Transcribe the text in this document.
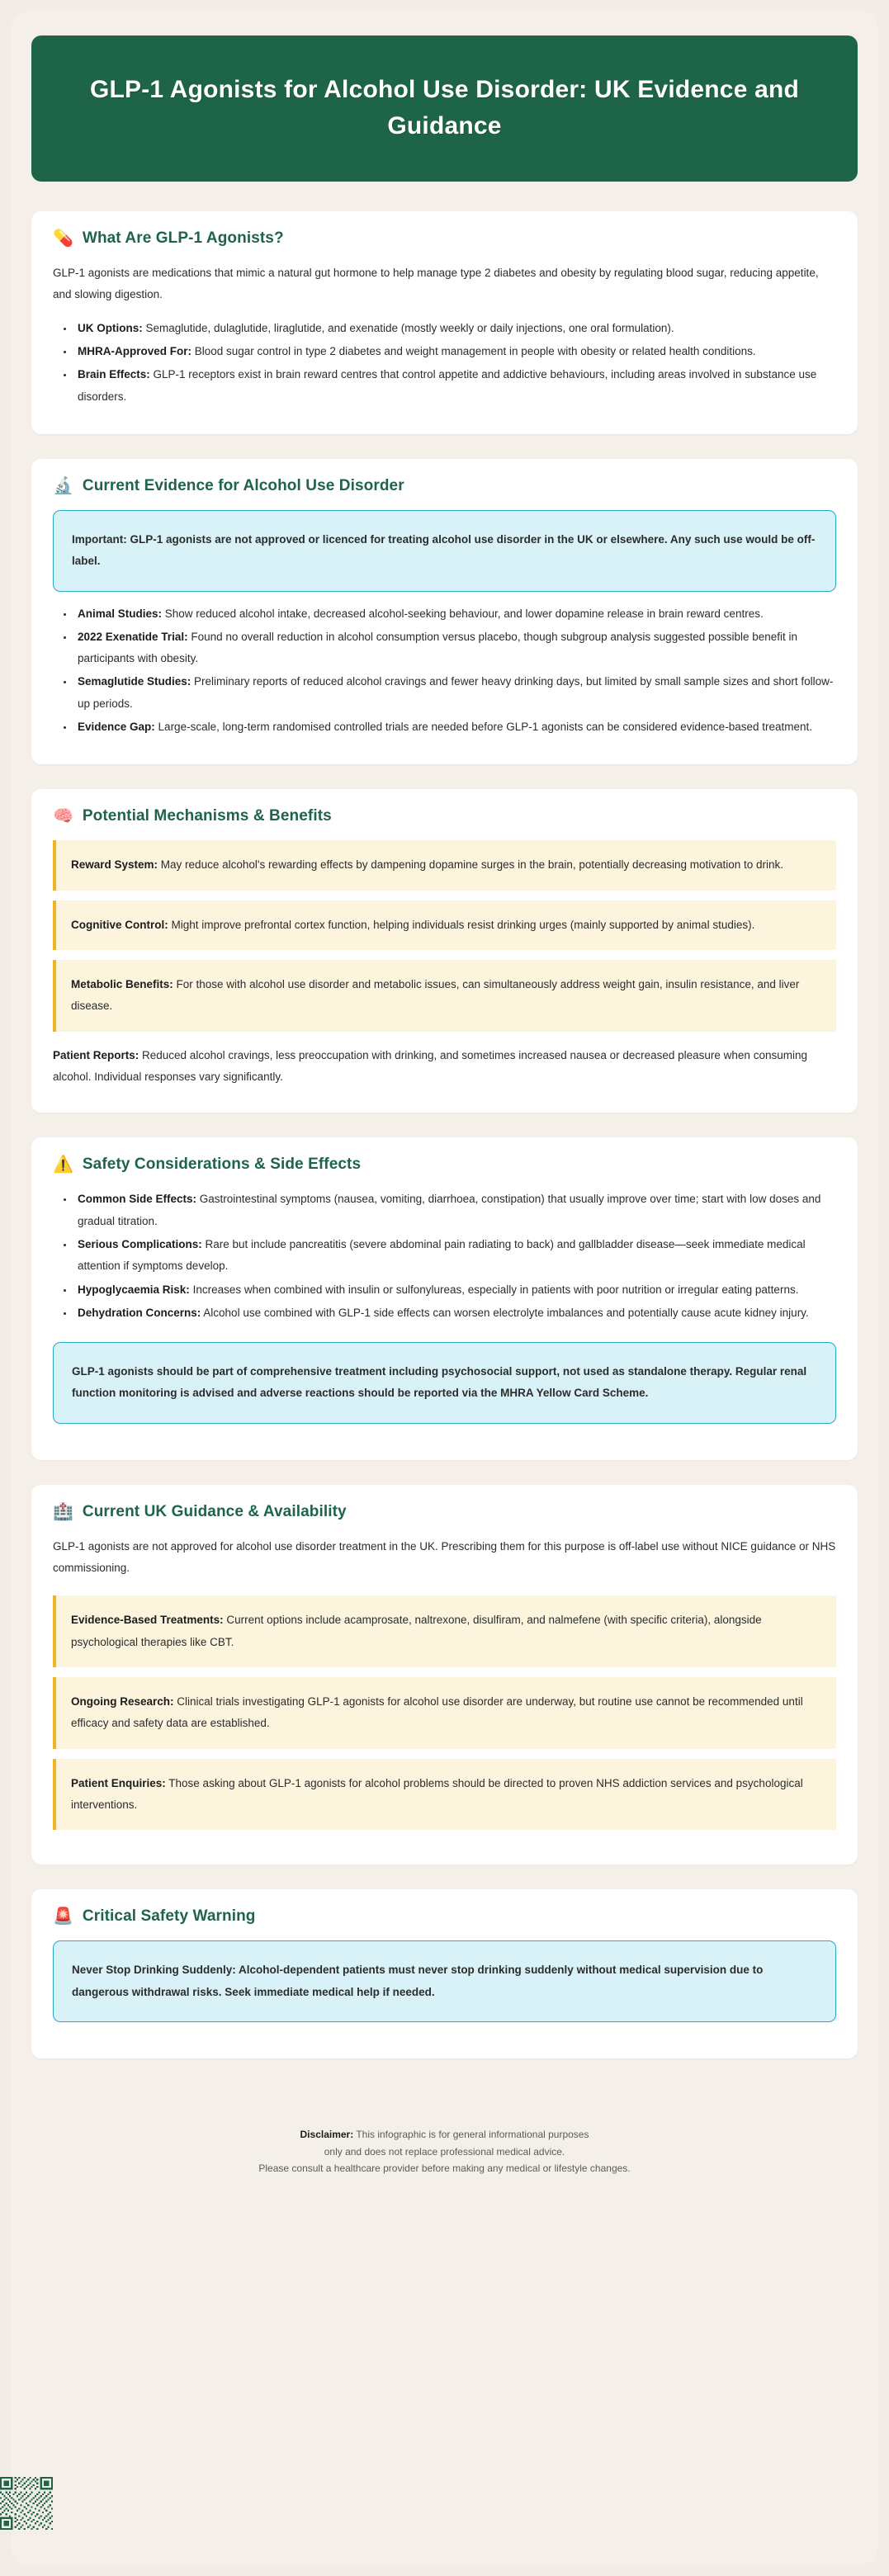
GLP-1 Agonists for Alcohol Use Disorder: UK Evidence and Guidance
💊 What Are GLP-1 Agonists?

GLP-1 agonists are medications that mimic a natural gut hormone to help manage type 2 diabetes and obesity by regulating blood sugar, reducing appetite, and slowing digestion.

• UK Options: Semaglutide, dulaglutide, liraglutide, and exenatide (mostly weekly or daily injections, one oral formulation).
• MHRA-Approved For: Blood sugar control in type 2 diabetes and weight management in people with obesity or related health conditions.
• Brain Effects: GLP-1 receptors exist in brain reward centres that control appetite and addictive behaviours, including areas involved in substance use disorders.
🔬 Current Evidence for Alcohol Use Disorder

Important: GLP-1 agonists are not approved or licenced for treating alcohol use disorder in the UK or elsewhere. Any such use would be off-label.

• Animal Studies: Show reduced alcohol intake, decreased alcohol-seeking behaviour, and lower dopamine release in brain reward centres.
• 2022 Exenatide Trial: Found no overall reduction in alcohol consumption versus placebo, though subgroup analysis suggested possible benefit in participants with obesity.
• Semaglutide Studies: Preliminary reports of reduced alcohol cravings and fewer heavy drinking days, but limited by small sample sizes and short follow-up periods.
• Evidence Gap: Large-scale, long-term randomised controlled trials are needed before GLP-1 agonists can be considered evidence-based treatment.
🧠 Potential Mechanisms & Benefits

Reward System: May reduce alcohol's rewarding effects by dampening dopamine surges in the brain, potentially decreasing motivation to drink.

Cognitive Control: Might improve prefrontal cortex function, helping individuals resist drinking urges (mainly supported by animal studies).

Metabolic Benefits: For those with alcohol use disorder and metabolic issues, can simultaneously address weight gain, insulin resistance, and liver disease.

Patient Reports: Reduced alcohol cravings, less preoccupation with drinking, and sometimes increased nausea or decreased pleasure when consuming alcohol. Individual responses vary significantly.

⚠️ Safety Considerations & Side Effects
• Common Side Effects: Gastrointestinal symptoms (nausea, vomiting, diarrhoea, constipation) that usually improve over time; start with low doses and gradual titration.
• Serious Complications: Rare but include pancreatitis (severe abdominal pain radiating to back) and gallbladder disease—seek immediate medical attention if symptoms develop.
• Hypoglycaemia Risk: Increases when combined with insulin or sulfonylureas, especially in patients with poor nutrition or irregular eating patterns.
• Dehydration Concerns: Alcohol use combined with GLP-1 side effects can worsen electrolyte imbalances and potentially cause acute kidney injury.

GLP-1 agonists should be part of comprehensive treatment including psychosocial support, not used as standalone therapy. Regular renal function monitoring is advised and adverse reactions should be reported via the MHRA Yellow Card Scheme.

🏥 Current UK Guidance & Availability

GLP-1 agonists are not approved for alcohol use disorder treatment in the UK. Prescribing them for this purpose is off-label use without NICE guidance or NHS commissioning.

Evidence-Based Treatments: Current options include acamprosate, naltrexone, disulfiram, and nalmefene (with specific criteria), alongside psychological therapies like CBT.

Ongoing Research: Clinical trials investigating GLP-1 agonists for alcohol use disorder are underway, but routine use cannot be recommended until efficacy and safety data are established.

Patient Enquiries: Those asking about GLP-1 agonists for alcohol problems should be directed to proven NHS addiction services and psychological interventions.

🚨 Critical Safety Warning

Never Stop Drinking Suddenly: Alcohol-dependent patients must never stop drinking suddenly without medical supervision due to dangerous withdrawal risks. Seek immediate medical help if needed.

Disclaimer: This infographic is for general informational purposes

only and does not replace professional medical advice.

Please consult a healthcare provider before making any medical or lifestyle changes.
